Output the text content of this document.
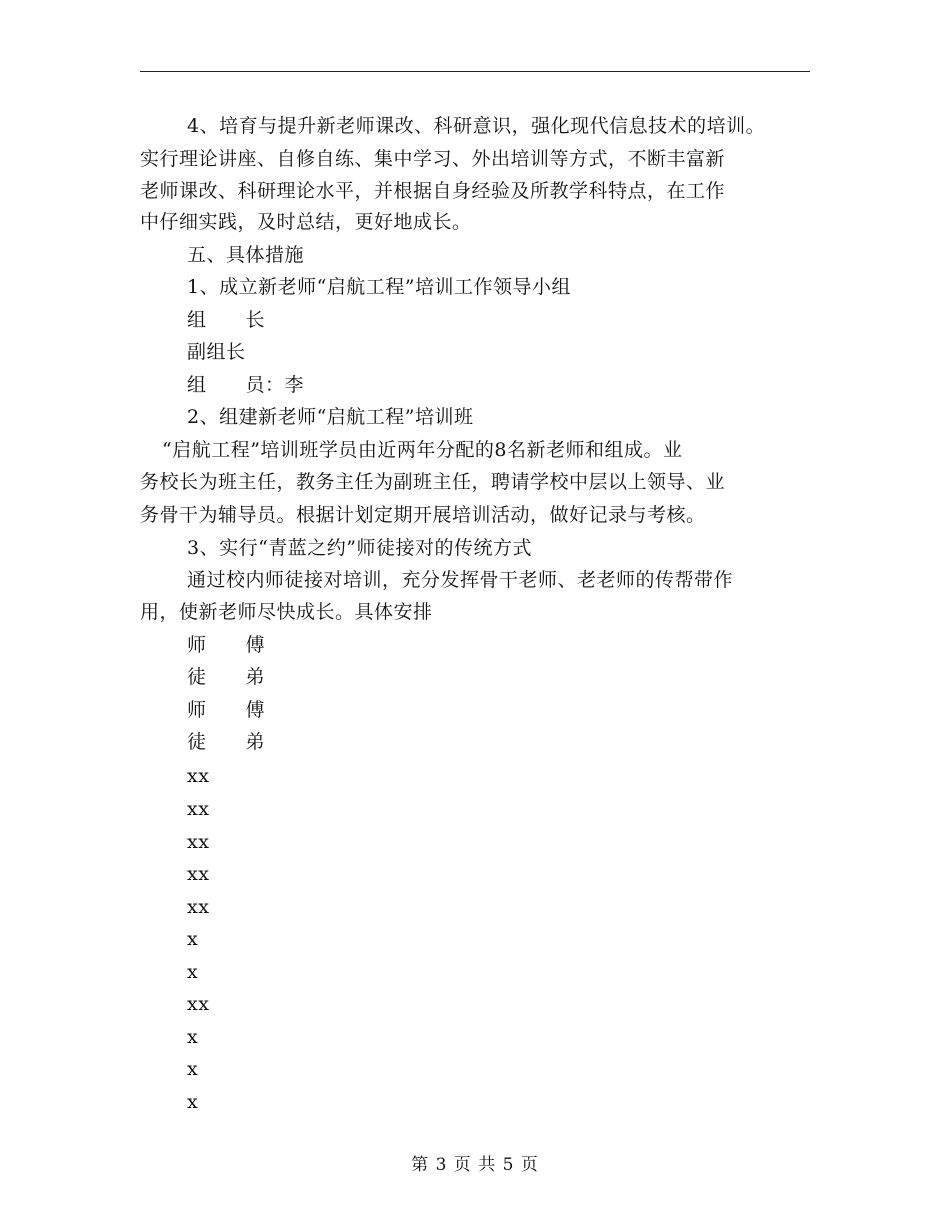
4、培育与提升新老师课改、科研意识，强化现代信息技术的培训。
实行理论讲座、自修自练、集中学习、外出培训等方式，不断丰富新
老师课改、科研理论水平，并根据自身经验及所教学科特点，在工作
中仔细实践，及时总结，更好地成长。
五、具体措施
1、成立新老师“启航工程”培训工作领导小组
组　　长
副组长
组　　员：李
2、组建新老师“启航工程”培训班
“启航工程”培训班学员由近两年分配的8名新老师和组成。业
务校长为班主任，教务主任为副班主任，聘请学校中层以上领导、业
务骨干为辅导员。根据计划定期开展培训活动，做好记录与考核。
3、实行“青蓝之约”师徒接对的传统方式
通过校内师徒接对培训，充分发挥骨干老师、老老师的传帮带作
用，使新老师尽快成长。具体安排
师　　傅
徒　　弟
师　　傅
徒　　弟
xx
xx
xx
xx
xx
x
x
xx
x
x
x
第 3 页 共 5 页
